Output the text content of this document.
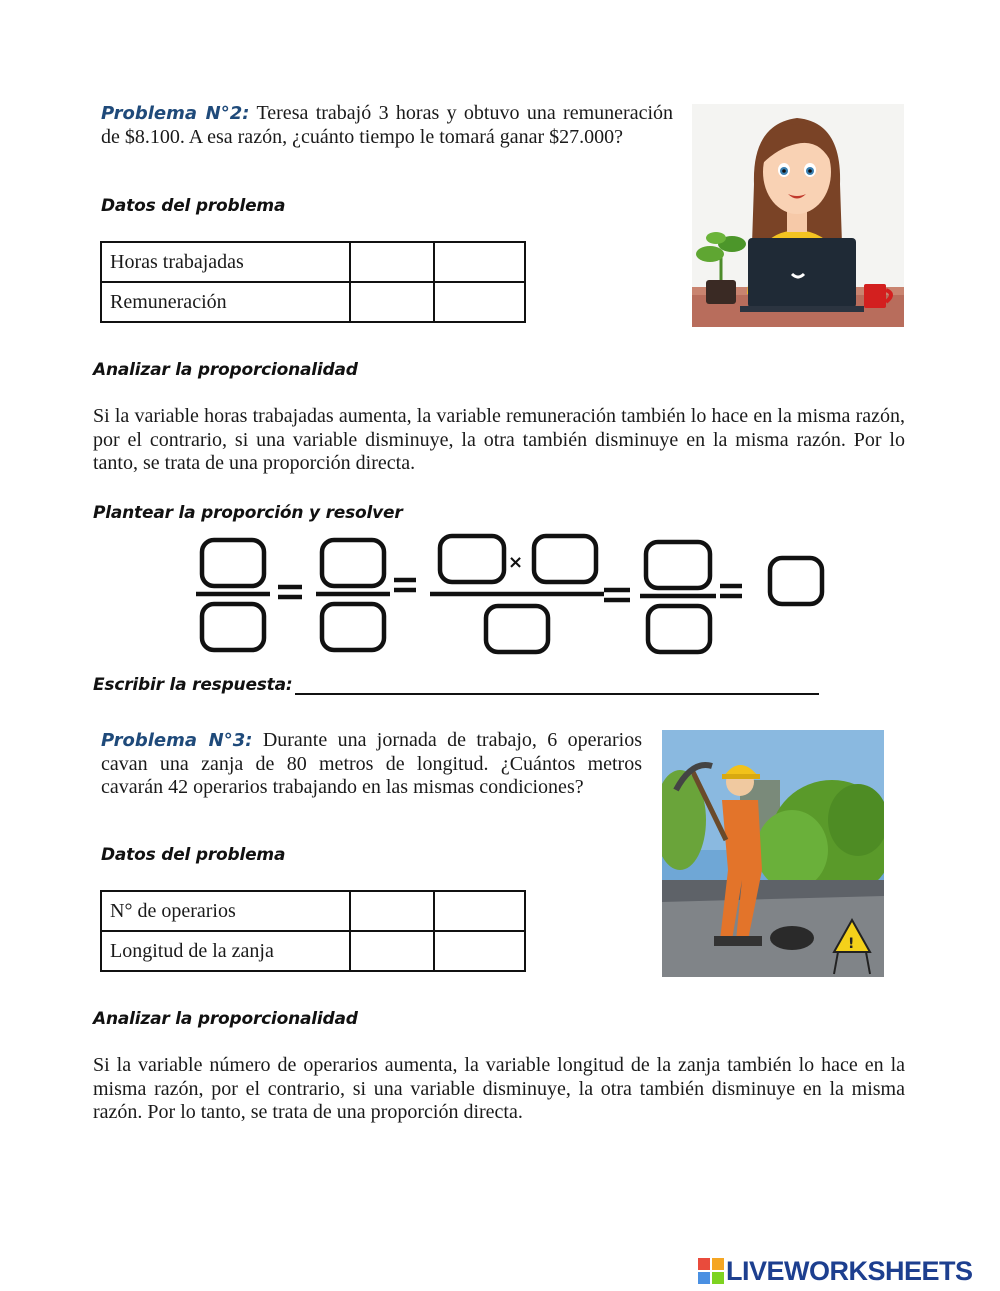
Problema N°2: Teresa trabajó 3 horas y obtuvo una remuneración de $8.100. A esa razón, ¿cuánto tiempo le tomará ganar $27.000?

Datos del problema
Horas trabajadas		
Remuneración		
Analizar la proporcionalidad

Si la variable horas trabajadas aumenta, la variable remuneración también lo hace en la misma razón, por el contrario, si una variable disminuye, la otra también disminuye en la misma razón. Por lo tanto, se trata de una proporción directa.

Plantear la proporción y resolver
×
Escribir la respuesta:

Problema N°3: Durante una jornada de trabajo, 6 operarios cavan una zanja de 80 metros de longitud. ¿Cuántos metros cavarán 42 operarios trabajando en las mismas condiciones?

!
Datos del problema
N° de operarios		
Longitud de la zanja		
Analizar la proporcionalidad

Si la variable número de operarios aumenta, la variable longitud de la zanja también lo hace en la misma razón, por el contrario, si una variable disminuye, la otra también disminuye en la misma razón. Por lo tanto, se trata de una proporción directa.

LIVEWORKSHEETS
